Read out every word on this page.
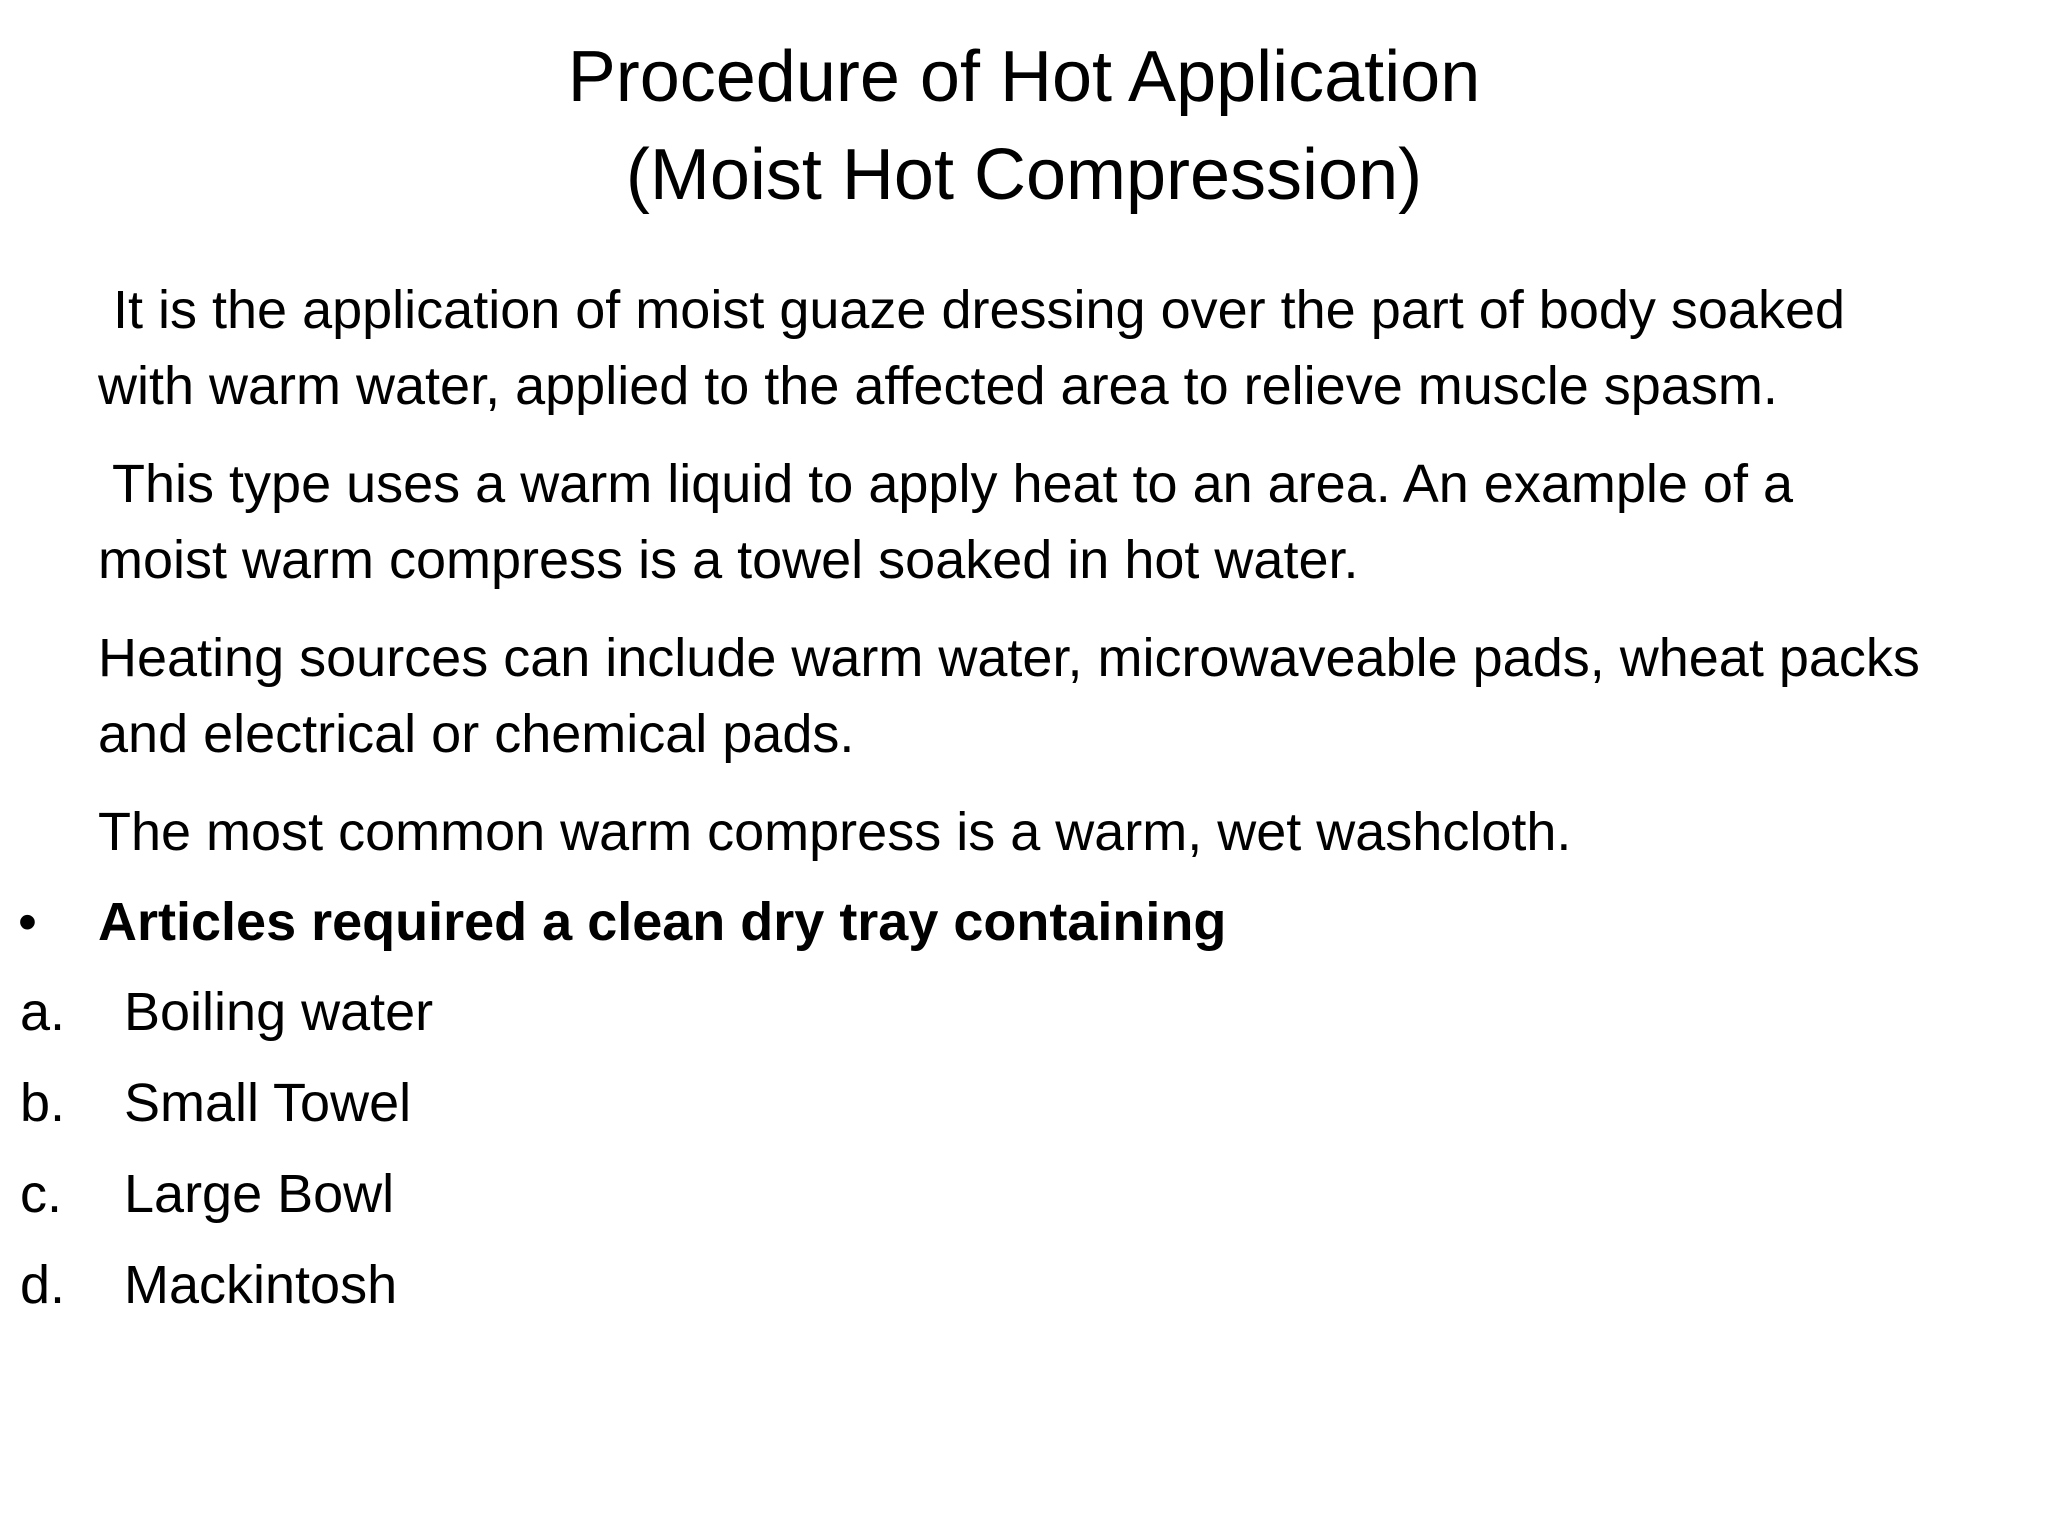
Procedure of Hot Application
(Moist Hot Compression)

It is the application of moist guaze dressing over the part of body soaked
with warm water, applied to the affected area to relieve muscle spasm.

This type uses a warm liquid to apply heat to an area. An example of a
moist warm compress is a towel soaked in hot water.

Heating sources can include warm water, microwaveable pads, wheat packs
and electrical or chemical pads.

The most common warm compress is a warm, wet washcloth.

• Articles required a clean dry tray containing
a. Boiling water
b. Small Towel
c. Large Bowl
d. Mackintosh
